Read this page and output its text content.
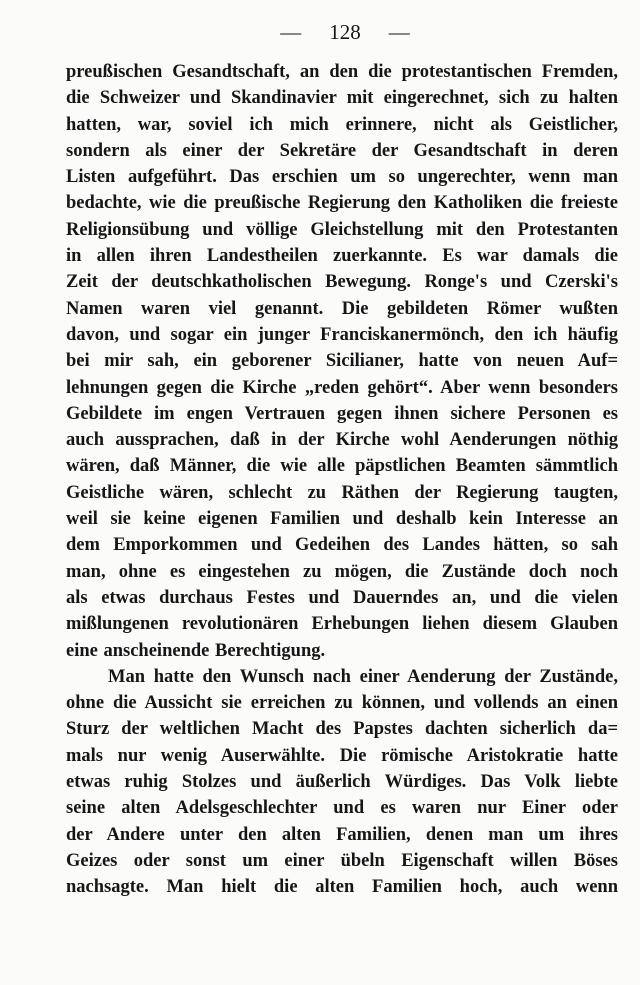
— 128 —
preußischen Gesandtschaft, an den die protestantischen Fremden,
die Schweizer und Skandinavier mit eingerechnet, sich zu halten
hatten, war, soviel ich mich erinnere, nicht als Geistlicher,
sondern als einer der Sekretäre der Gesandtschaft in deren
Listen aufgeführt. Das erschien um so ungerechter, wenn man
bedachte, wie die preußische Regierung den Katholiken die freieste
Religionsübung und völlige Gleichstellung mit den Protestanten
in allen ihren Landestheilen zuerkannte. Es war damals die
Zeit der deutschkatholischen Bewegung. Ronge's und Czerski's
Namen waren viel genannt. Die gebildeten Römer wußten
davon, und sogar ein junger Franciskanermönch, den ich häufig
bei mir sah, ein geborener Sicilianer, hatte von neuen Auf=
lehnungen gegen die Kirche „reden gehört“. Aber wenn besonders
Gebildete im engen Vertrauen gegen ihnen sichere Personen es
auch aussprachen, daß in der Kirche wohl Aenderungen nöthig
wären, daß Männer, die wie alle päpstlichen Beamten sämmtlich
Geistliche wären, schlecht zu Räthen der Regierung taugten,
weil sie keine eigenen Familien und deshalb kein Interesse an
dem Emporkommen und Gedeihen des Landes hätten, so sah
man, ohne es eingestehen zu mögen, die Zustände doch noch
als etwas durchaus Festes und Dauerndes an, und die vielen
mißlungenen revolutionären Erhebungen liehen diesem Glauben
eine anscheinende Berechtigung.
Man hatte den Wunsch nach einer Aenderung der Zustände,
ohne die Aussicht sie erreichen zu können, und vollends an einen
Sturz der weltlichen Macht des Papstes dachten sicherlich da=
mals nur wenig Auserwählte. Die römische Aristokratie hatte
etwas ruhig Stolzes und äußerlich Würdiges. Das Volk liebte
seine alten Adelsgeschlechter und es waren nur Einer oder
der Andere unter den alten Familien, denen man um ihres
Geizes oder sonst um einer übeln Eigenschaft willen Böses
nachsagte. Man hielt die alten Familien hoch, auch wenn
